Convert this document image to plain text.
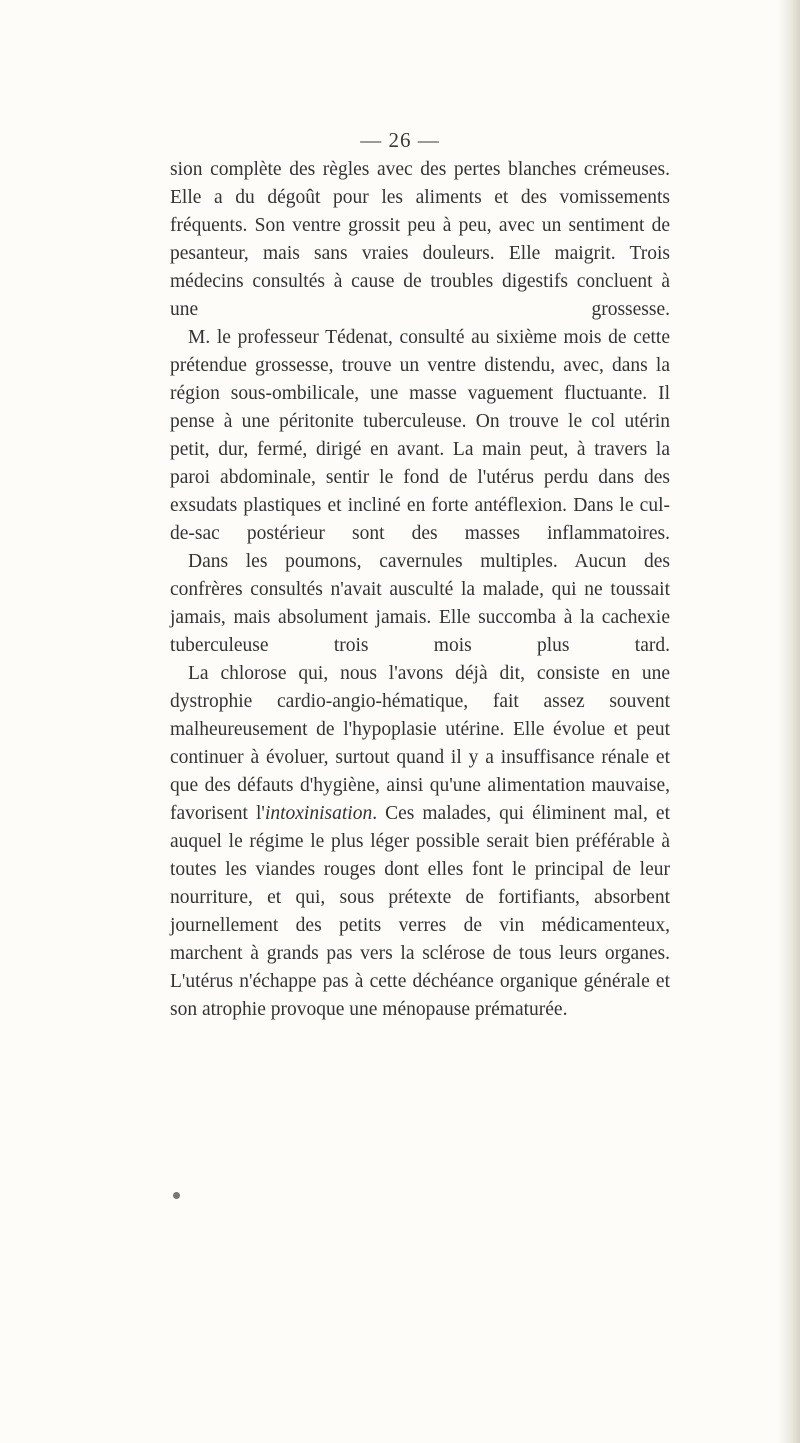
— 26 —

sion complète des règles avec des pertes blanches crémeuses. Elle a du dégoût pour les aliments et des vomissements fréquents. Son ventre grossit peu à peu, avec un sentiment de pesanteur, mais sans vraies douleurs. Elle maigrit. Trois médecins consultés à cause de troubles digestifs concluent à une grossesse.

M. le professeur Tédenat, consulté au sixième mois de cette prétendue grossesse, trouve un ventre distendu, avec, dans la région sous-ombilicale, une masse vaguement fluctuante. Il pense à une péritonite tuberculeuse. On trouve le col utérin petit, dur, fermé, dirigé en avant. La main peut, à travers la paroi abdominale, sentir le fond de l'utérus perdu dans des exsudats plastiques et incliné en forte antéflexion. Dans le cul-de-sac postérieur sont des masses inflammatoires.

Dans les poumons, cavernules multiples. Aucun des confrères consultés n'avait ausculté la malade, qui ne toussait jamais, mais absolument jamais. Elle succomba à la cachexie tuberculeuse trois mois plus tard.

La chlorose qui, nous l'avons déjà dit, consiste en une dystrophie cardio-angio-hématique, fait assez souvent malheureusement de l'hypoplasie utérine. Elle évolue et peut continuer à évoluer, surtout quand il y a insuffisance rénale et que des défauts d'hygiène, ainsi qu'une alimentation mauvaise, favorisent l'intoxinisation. Ces malades, qui éliminent mal, et auquel le régime le plus léger possible serait bien préférable à toutes les viandes rouges dont elles font le principal de leur nourriture, et qui, sous prétexte de fortifiants, absorbent journellement des petits verres de vin médicamenteux, marchent à grands pas vers la sclérose de tous leurs organes. L'utérus n'échappe pas à cette déchéance organique générale et son atrophie provoque une ménopause prématurée.
